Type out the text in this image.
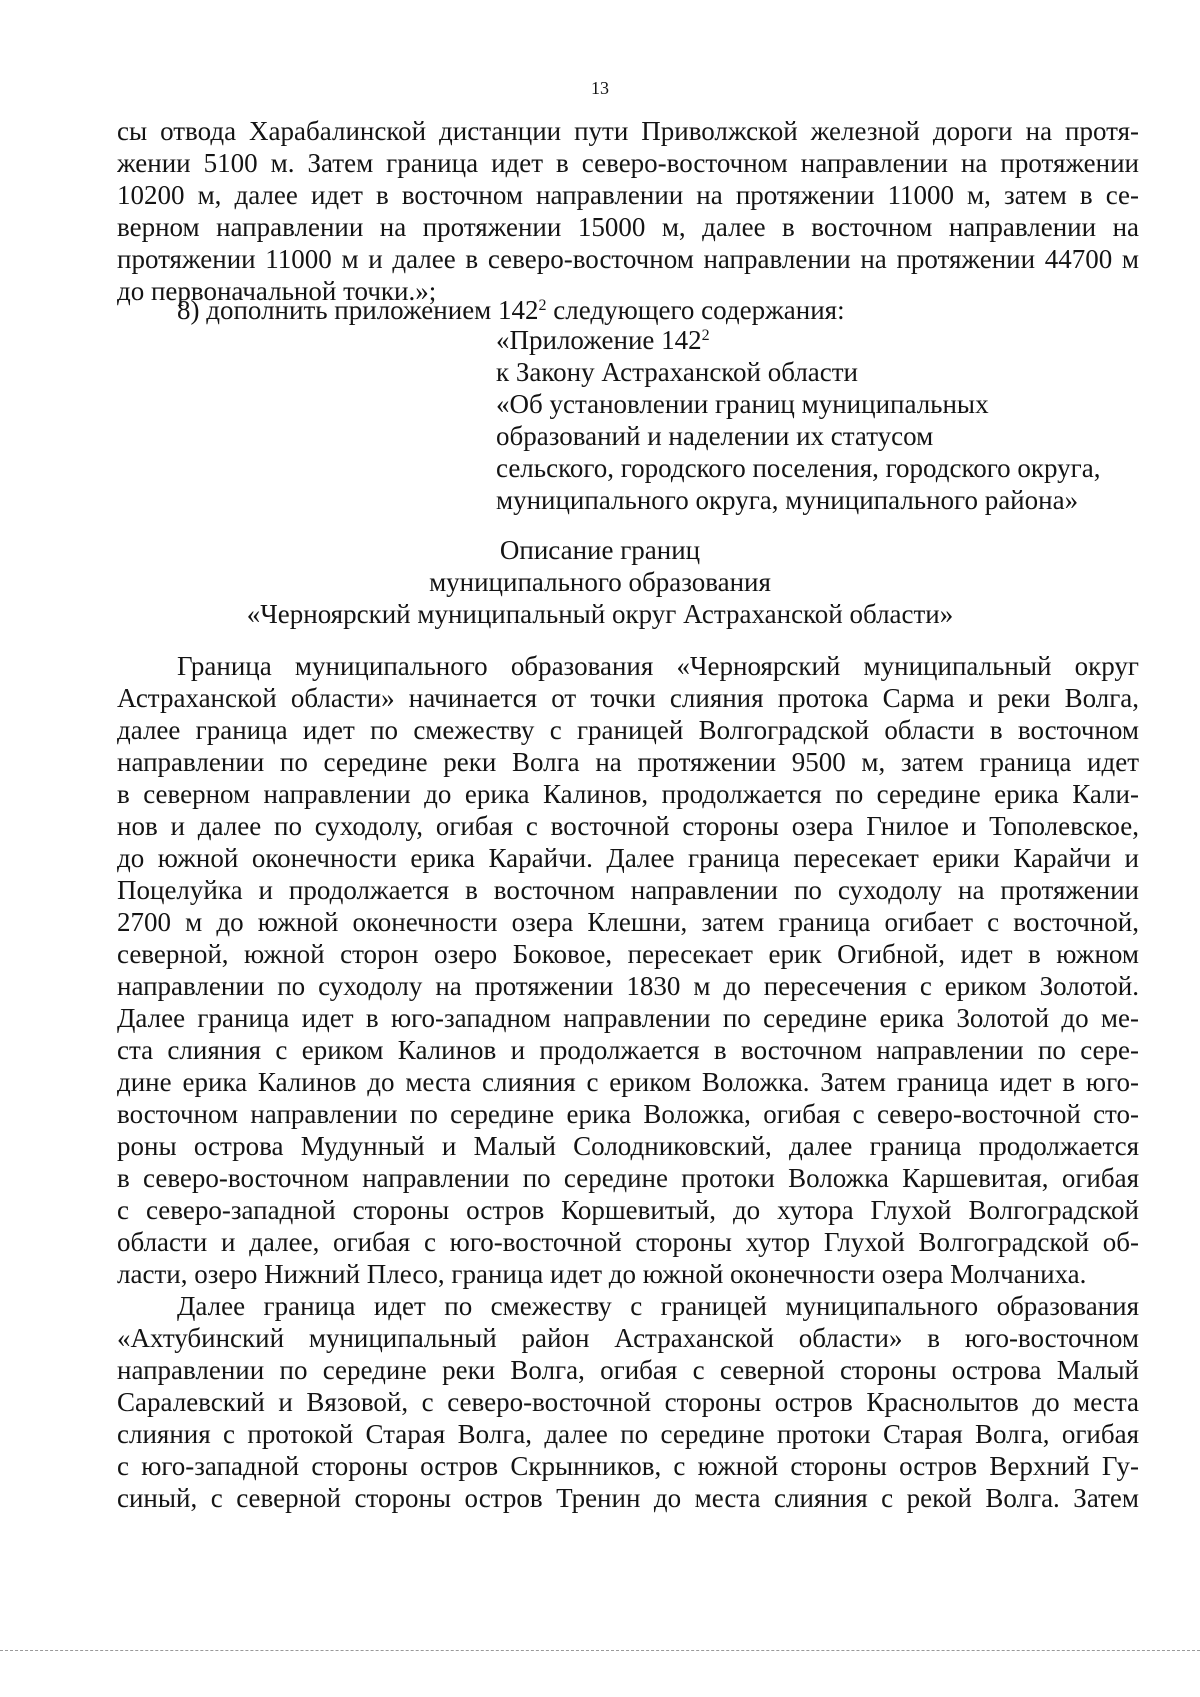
13
сы отвода Харабалинской дистанции пути Приволжской железной дороги на протя-
жении 5100 м. Затем граница идет в северо-восточном направлении на протяжении
10200 м, далее идет в восточном направлении на протяжении 11000 м, затем в се-
верном направлении на протяжении 15000 м, далее в восточном направлении на
протяжении 11000 м и далее в северо-восточном направлении на протяжении 44700 м
до первоначальной точки.»;
8) дополнить приложением $142^2$ следующего содержания:
«Приложение $142^2$
к Закону Астраханской области
«Об установлении границ муниципальных
образований и наделении их статусом
сельского, городского поселения, городского округа,
муниципального округа, муниципального района»
Описание границ
муниципального образования
«Черноярский муниципальный округ Астраханской области»
Граница муниципального образования «Черноярский муниципальный округ
Астраханской области» начинается от точки слияния протока Сарма и реки Волга,
далее граница идет по смежеству с границей Волгоградской области в восточном
направлении по середине реки Волга на протяжении 9500 м, затем граница идет
в северном направлении до ерика Калинов, продолжается по середине ерика Кали-
нов и далее по суходолу, огибая с восточной стороны озера Гнилое и Тополевское,
до южной оконечности ерика Карайчи. Далее граница пересекает ерики Карайчи и
Поцелуйка и продолжается в восточном направлении по суходолу на протяжении
2700 м до южной оконечности озера Клешни, затем граница огибает с восточной,
северной, южной сторон озеро Боковое, пересекает ерик Огибной, идет в южном
направлении по суходолу на протяжении 1830 м до пересечения с ериком Золотой.
Далее граница идет в юго-западном направлении по середине ерика Золотой до ме-
ста слияния с ериком Калинов и продолжается в восточном направлении по сере-
дине ерика Калинов до места слияния с ериком Воложка. Затем граница идет в юго-
восточном направлении по середине ерика Воложка, огибая с северо-восточной сто-
роны острова Мудунный и Малый Солодниковский, далее граница продолжается
в северо-восточном направлении по середине протоки Воложка Каршевитая, огибая
с северо-западной стороны остров Коршевитый, до хутора Глухой Волгоградской
области и далее, огибая с юго-восточной стороны хутор Глухой Волгоградской об-
ласти, озеро Нижний Плесо, граница идет до южной оконечности озера Молчаниха.
Далее граница идет по смежеству с границей муниципального образования
«Ахтубинский муниципальный район Астраханской области» в юго-восточном
направлении по середине реки Волга, огибая с северной стороны острова Малый
Саралевский и Вязовой, с северо-восточной стороны остров Краснолытов до места
слияния с протокой Старая Волга, далее по середине протоки Старая Волга, огибая
с юго-западной стороны остров Скрынников, с южной стороны остров Верхний Гу-
синый, с северной стороны остров Тренин до места слияния с рекой Волга. Затем
